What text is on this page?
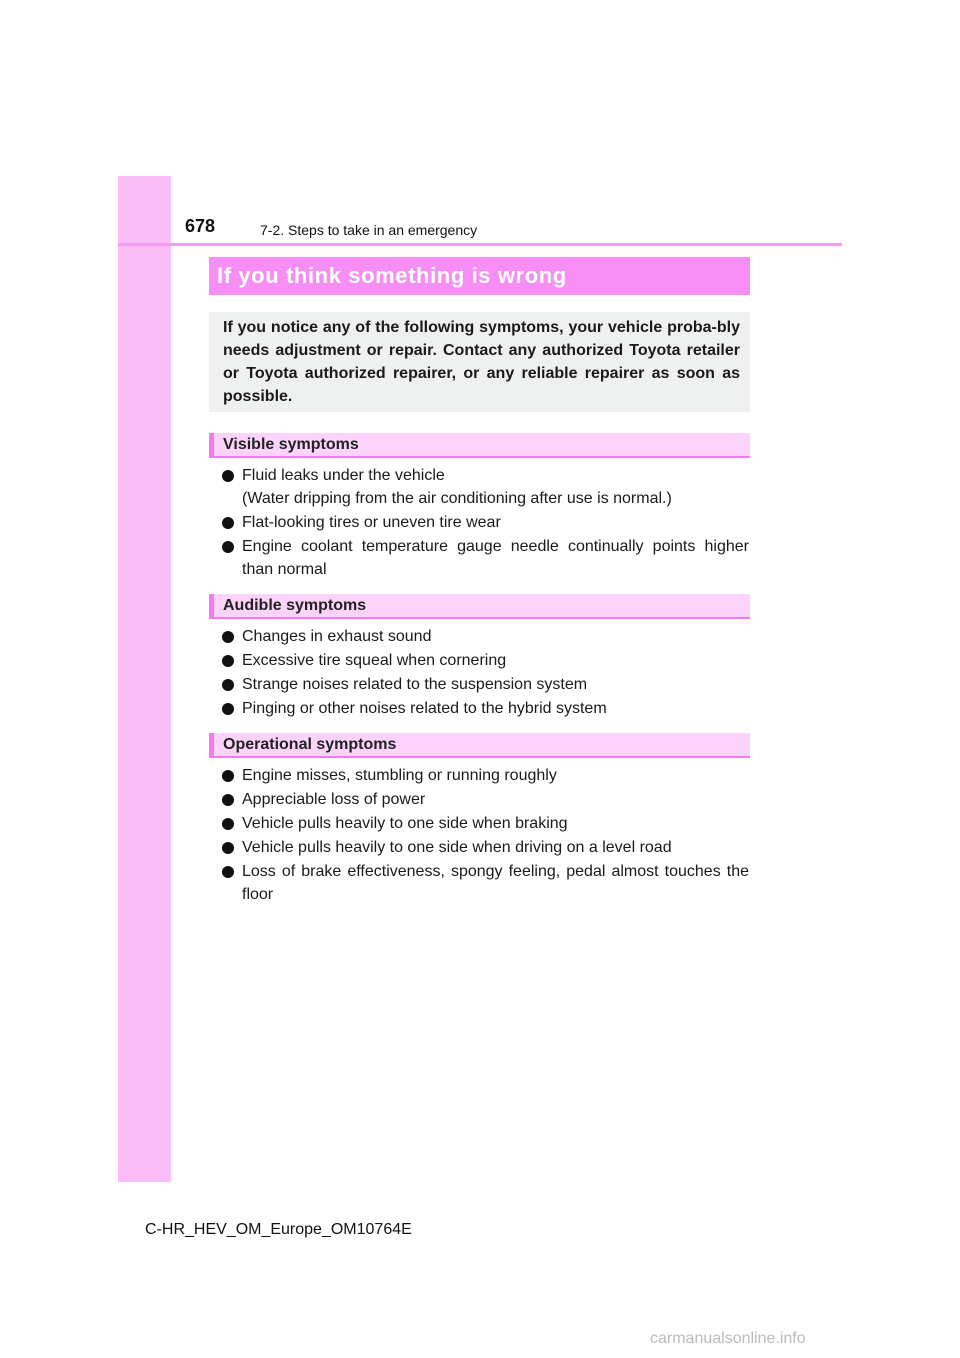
678	7-2. Steps to take in an emergency
If you think something is wrong

If you notice any of the following symptoms, your vehicle proba-bly needs adjustment or repair. Contact any authorized Toyota retailer or Toyota authorized repairer, or any reliable repairer as soon as possible.

Visible symptoms
Fluid leaks under the vehicle
(Water dripping from the air conditioning after use is normal.)
Flat-looking tires or uneven tire wear
Engine coolant temperature gauge needle continually points higher than normal
Audible symptoms
Changes in exhaust sound
Excessive tire squeal when cornering
Strange noises related to the suspension system
Pinging or other noises related to the hybrid system
Operational symptoms
Engine misses, stumbling or running roughly
Appreciable loss of power
Vehicle pulls heavily to one side when braking
Vehicle pulls heavily to one side when driving on a level road
Loss of brake effectiveness, spongy feeling, pedal almost touches the floor
C-HR_HEV_OM_Europe_OM10764E
carmanualsonline.info
